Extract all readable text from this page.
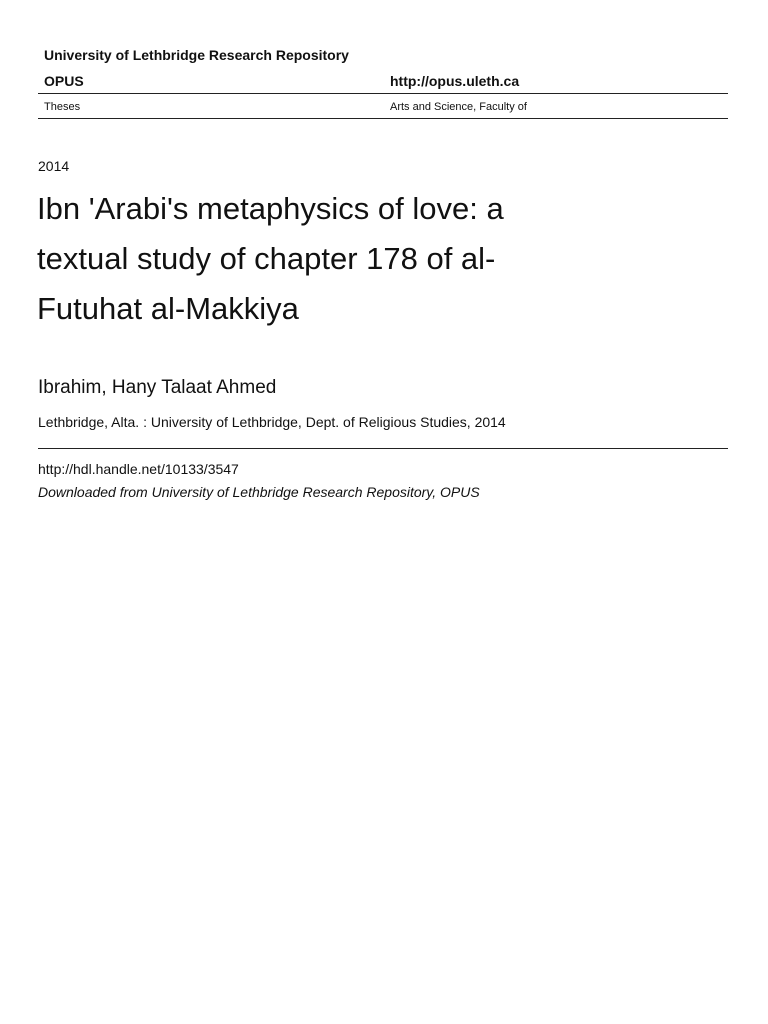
University of Lethbridge Research Repository
OPUS	http://opus.uleth.ca
Theses	Arts and Science, Faculty of
2014
Ibn 'Arabi's metaphysics of love: a textual study of chapter 178 of al-Futuhat al-Makkiya
Ibrahim, Hany Talaat Ahmed
Lethbridge, Alta. : University of Lethbridge, Dept. of Religious Studies, 2014
http://hdl.handle.net/10133/3547
Downloaded from University of Lethbridge Research Repository, OPUS
